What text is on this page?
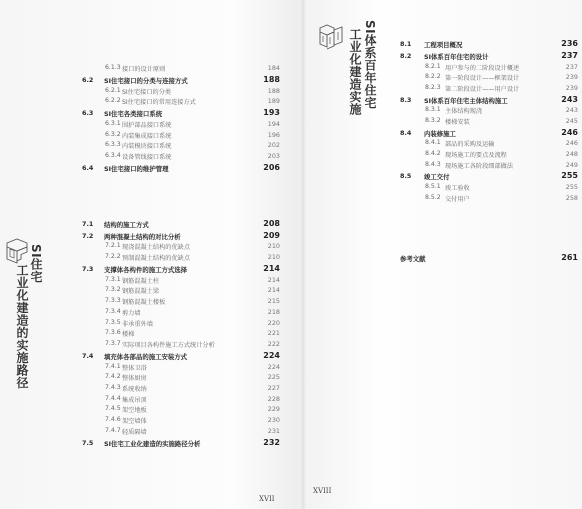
SI住宅
工业化建造的实施路径
SI体系百年住宅
工业化建造实施
6.1.3 接口的设计原则	184
6.2 SI住宅接口的分类与连接方式	188
6.2.1 SI住宅接口的分类	188
6.2.2 SI住宅接口的常用连接方式	189
6.3 SI住宅各类接口系统	193
6.3.1 围护部品接口系统	194
6.3.2 内装集成接口系统	196
6.3.3 内装模块接口系统	202
6.3.4 设备管线接口系统	203
6.4 SI住宅接口的维护管理	206
7.1 结构的施工方式	208
7.2 两种混凝土结构的对比分析	209
7.2.1 现浇混凝土结构的优缺点	210
7.2.2 预制混凝土结构的优缺点	210
7.3 支撑体各构件的施工方式选择	214
7.3.1 钢筋混凝土柱	214
7.3.2 钢筋混凝土梁	214
7.3.3 钢筋混凝土楼板	215
7.3.4 剪力墙	218
7.3.5 非承重外墙	220
7.3.6 楼梯	221
7.3.7 实际项目各构件施工方式统计分析	222
7.4 填充体各部品的施工安装方式	224
7.4.1 整体卫浴	224
7.4.2 整体厨房	225
7.4.3 系统收纳	227
7.4.4 集成吊顶	228
7.4.5 架空地板	229
7.4.6 架空墙体	230
7.4.7 轻质隔墙	231
7.5 SI住宅工业化建造的实施路径分析	232
XVII
8.1 工程项目概况	236
8.2 SI体系百年住宅的设计	237
8.2.1 用户参与的二阶段设计概述	237
8.2.2 第一阶段设计——框架设计	239
8.2.3 第二阶段设计——用户设计	239
8.3 SI体系百年住宅主体结构施工	243
8.3.1 主体结构现浇	243
8.3.2 楼梯安装	245
8.4 内装修施工	246
8.4.1 部品的采购及运输	246
8.4.2 现场施工的要点及流程	248
8.4.3 现场施工各阶段细部做法	249
8.5 竣工交付	255
8.5.1 竣工验收	255
8.5.2 交付用户	258
参考文献	261
XVIII
